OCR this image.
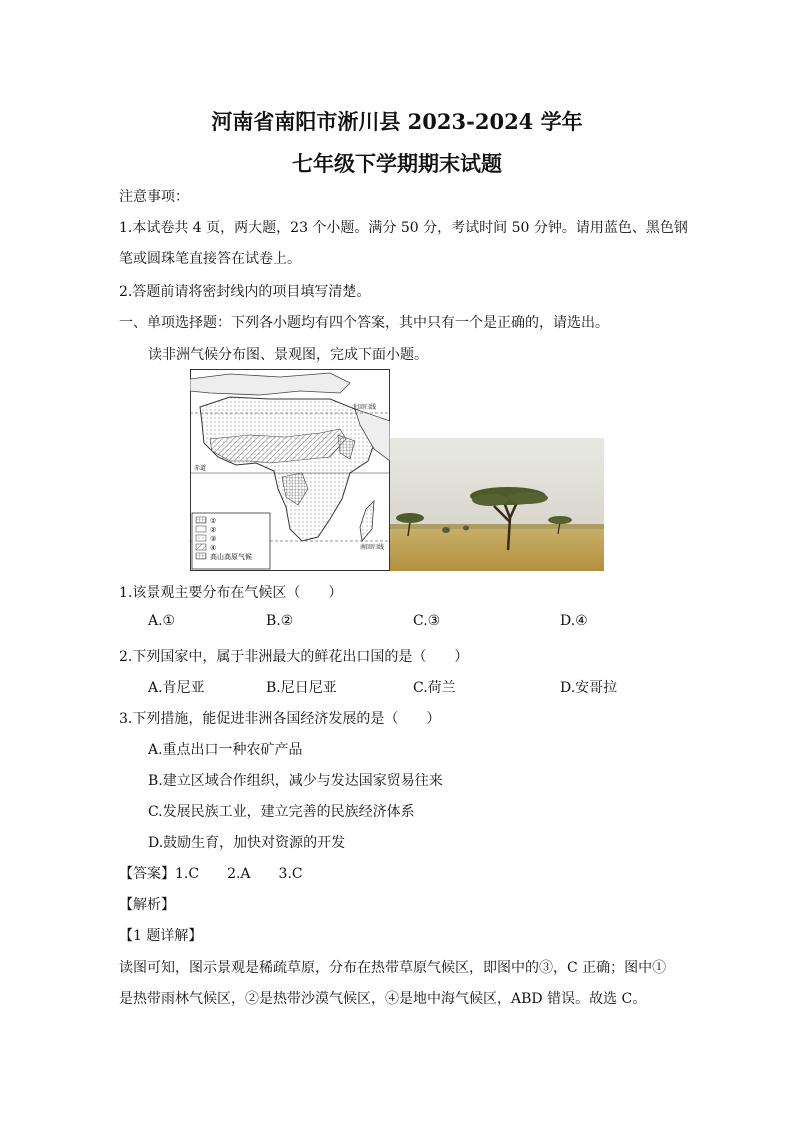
河南省南阳市淅川县 2023-2024 学年
七年级下学期期末试题
注意事项：
1.本试卷共 4 页，两大题，23 个小题。满分 50 分，考试时间 50 分钟。请用蓝色、黑色钢
笔或圆珠笔直接答在试卷上。
2.答题前请将密封线内的项目填写清楚。
一、单项选择题：下列各小题均有四个答案，其中只有一个是正确的，请选出。
读非洲气候分布图、景观图，完成下面小题。
北回归线
赤道
南回归线
①
②
③
④
高山高原气候
1.该景观主要分布在气候区（　　）
A.①	B.②	C.③	D.④
2.下列国家中，属于非洲最大的鲜花出口国的是（　　）
A.肯尼亚	B.尼日尼亚	C.荷兰	D.安哥拉
3.下列措施，能促进非洲各国经济发展的是（　　）
A.重点出口一种农矿产品
B.建立区域合作组织，减少与发达国家贸易往来
C.发展民族工业，建立完善的民族经济体系
D.鼓励生育，加快对资源的开发
【答案】1.C　　2.A　　3.C
【解析】
【1 题详解】
读图可知，图示景观是稀疏草原，分布在热带草原气候区，即图中的③，C 正确；图中①
是热带雨林气候区，②是热带沙漠气候区，④是地中海气候区，ABD 错误。故选 C。
